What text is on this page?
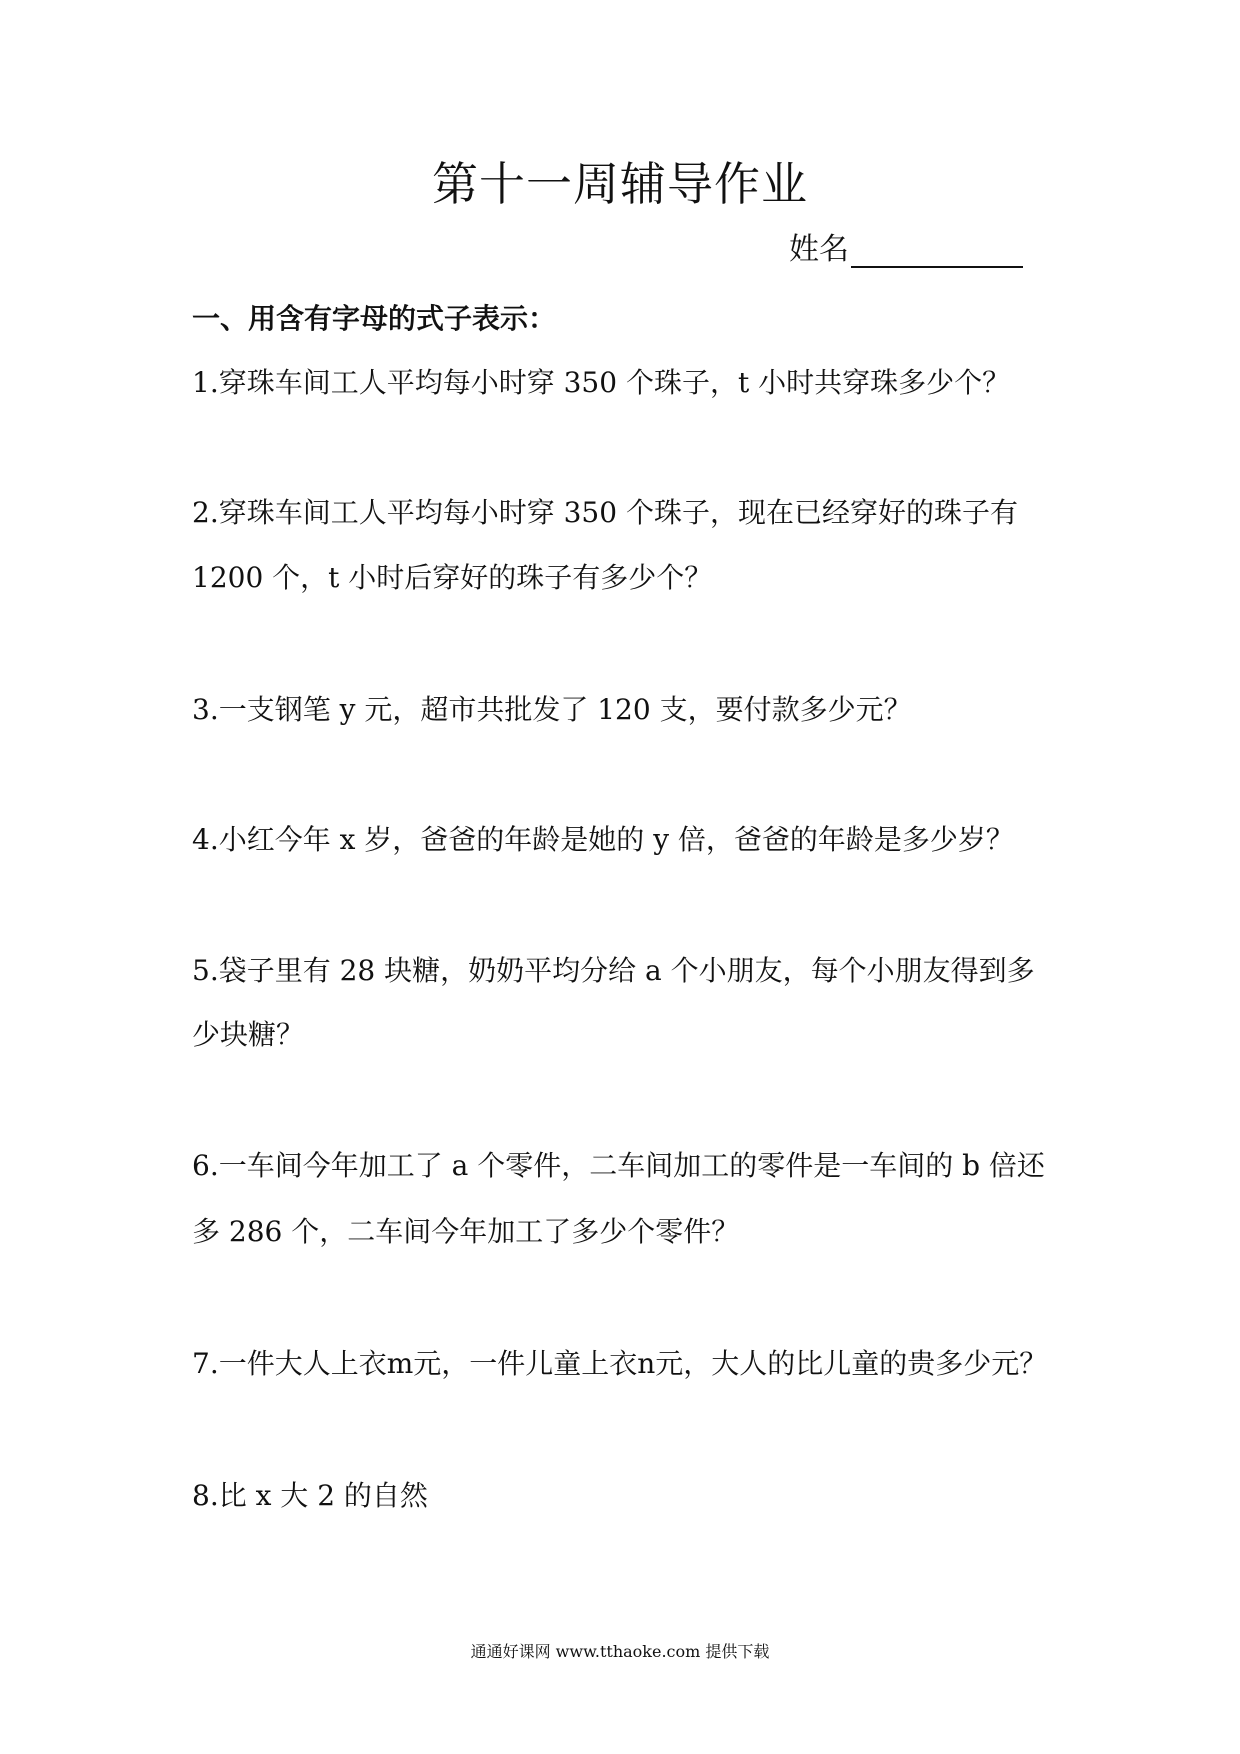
第十一周辅导作业
姓名
一、用含有字母的式子表示：
1.穿珠车间工人平均每小时穿 350 个珠子，t 小时共穿珠多少个？
2.穿珠车间工人平均每小时穿 350 个珠子，现在已经穿好的珠子有
1200 个，t 小时后穿好的珠子有多少个？
3.一支钢笔 y 元，超市共批发了 120 支，要付款多少元？
4.小红今年 x 岁，爸爸的年龄是她的 y 倍，爸爸的年龄是多少岁？
5.袋子里有 28 块糖，奶奶平均分给 a 个小朋友，每个小朋友得到多
少块糖？
6.一车间今年加工了 a 个零件，二车间加工的零件是一车间的 b 倍还
多 286 个，二车间今年加工了多少个零件？
7.一件大人上衣m元，一件儿童上衣n元，大人的比儿童的贵多少元？
8.比 x 大 2 的自然
通通好课网 www.tthaoke.com 提供下载
